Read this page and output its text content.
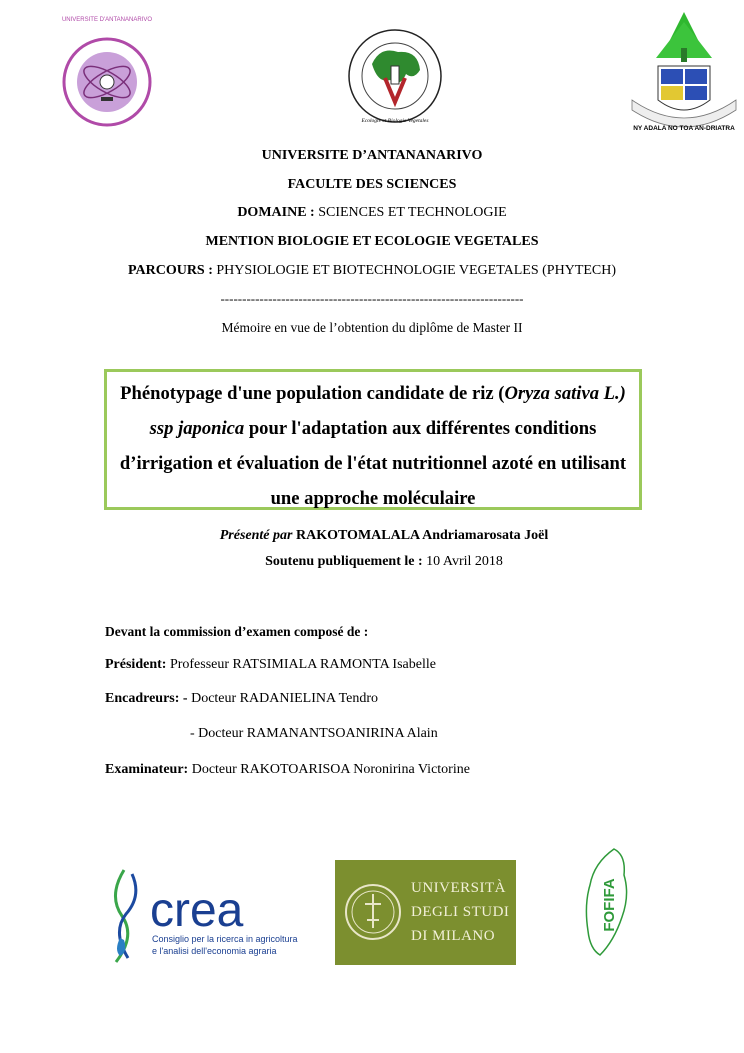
UNIVERSITE D'ANTANANARIVO
Ecologie et Biologie Vegetales
NY ADALA NO TOA AN-DRIATRA
UNIVERSITE D’ANTANANARIVO
FACULTE DES SCIENCES
DOMAINE : SCIENCES ET TECHNOLOGIE
MENTION BIOLOGIE ET ECOLOGIE VEGETALES
PARCOURS : PHYSIOLOGIE ET BIOTECHNOLOGIE VEGETALES (PHYTECH)
----------------------------------------------------------------------
Mémoire en vue de l’obtention du diplôme de Master II
Phénotypage d'une population candidate de riz (Oryza sativa L.) ssp japonica pour l'adaptation aux différentes conditions d’irrigation et évaluation de l'état nutritionnel azoté en utilisant une approche moléculaire
Présenté par RAKOTOMALALA Andriamarosata Joël
Soutenu publiquement le : 10 Avril 2018
Devant la commission d’examen composé de :
Président: Professeur RATSIMIALA RAMONTA Isabelle
Encadreurs: - Docteur RADANIELINA Tendro
- Docteur RAMANANTSOANIRINA Alain
Examinateur: Docteur RAKOTOARISOA Noronirina Victorine
crea
Consiglio per la ricerca in agricoltura
e l'analisi dell'economia agraria
UNIVERSITÀ
DEGLI STUDI
DI MILANO
FOFIFA
